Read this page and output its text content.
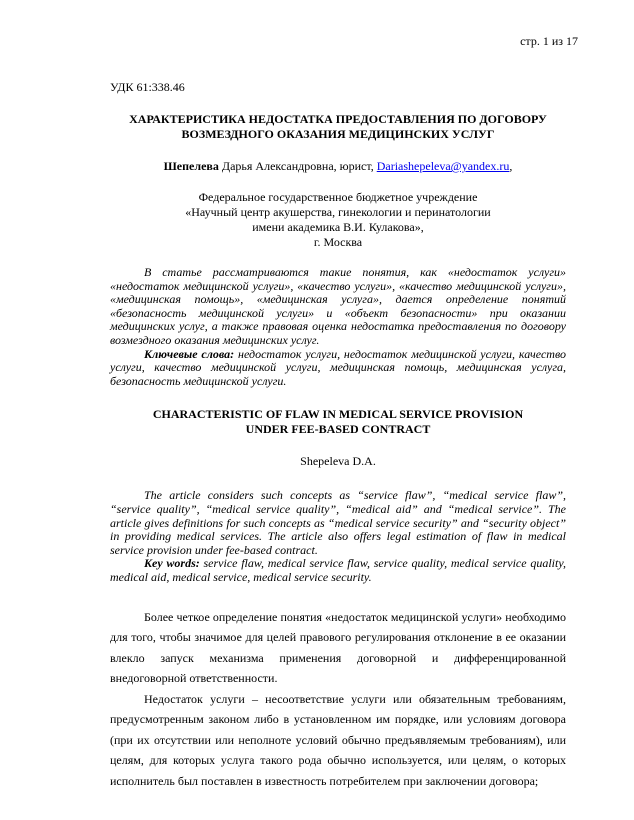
стр. 1 из 17
УДК 61:338.46
ХАРАКТЕРИСТИКА НЕДОСТАТКА ПРЕДОСТАВЛЕНИЯ ПО ДОГОВОРУ
ВОЗМЕЗДНОГО ОКАЗАНИЯ МЕДИЦИНСКИХ УСЛУГ
Шепелева Дарья Александровна, юрист, Dariashepeleva@yandex.ru,
Федеральное государственное бюджетное учреждение
«Научный центр акушерства, гинекологии и перинатологии
имени академика В.И. Кулакова»,
г. Москва

В статье рассматриваются такие понятия, как «недостаток услуги» «недостаток медицинской услуги», «качество услуги», «качество медицинской услуги», «медицинская помощь», «медицинская услуга», дается определение понятий «безопасность медицинской услуги» и «объект безопасности» при оказании медицинских услуг, а также правовая оценка недостатка предоставления по договору возмездного оказания медицинских услуг.

Ключевые слова: недостаток услуги, недостаток медицинской услуги, качество услуги, качество медицинской услуги, медицинская помощь, медицинская услуга, безопасность медицинской услуги.

CHARACTERISTIC OF FLAW IN MEDICAL SERVICE PROVISION
UNDER FEE-BASED CONTRACT
Shepeleva D.A.

The article considers such concepts as “service flaw”, “medical service flaw”, “service quality”, “medical service quality”, “medical aid” and “medical service”. The article gives definitions for such concepts as “medical service security” and “security object” in providing medical services. The article also offers legal estimation of flaw in medical service provision under fee-based contract.

Key words: service flaw, medical service flaw, service quality, medical service quality, medical aid, medical service, medical service security.

Более четкое определение понятия «недостаток медицинской услуги» необходимо для того, чтобы значимое для целей правового регулирования отклонение в ее оказании влекло запуск механизма применения договорной и дифференцированной внедоговорной ответственности.

Недостаток услуги – несоответствие услуги или обязательным требованиям, предусмотренным законом либо в установленном им порядке, или условиям договора (при их отсутствии или неполноте условий обычно предъявляемым требованиям), или целям, для которых услуга такого рода обычно используется, или целям, о которых исполнитель был поставлен в известность потребителем при заключении договора;
